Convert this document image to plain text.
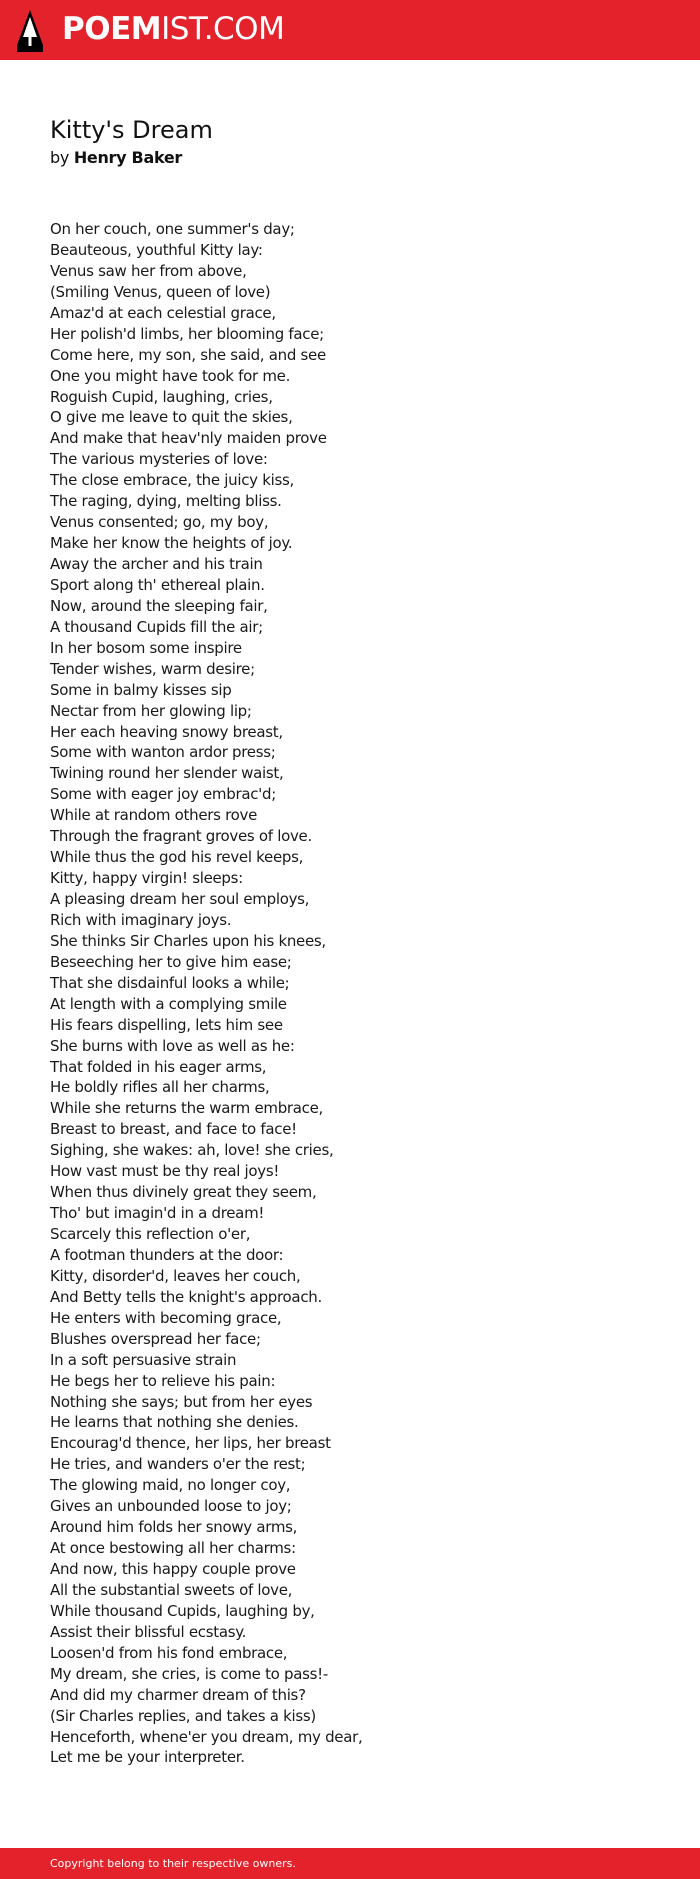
POEMIST.COM
Kitty's Dream
by Henry Baker
On her couch, one summer's day;
Beauteous, youthful Kitty lay:
Venus saw her from above,
(Smiling Venus, queen of love)
Amaz'd at each celestial grace,
Her polish'd limbs, her blooming face;
Come here, my son, she said, and see
One you might have took for me.
Roguish Cupid, laughing, cries,
O give me leave to quit the skies,
And make that heav'nly maiden prove
The various mysteries of love:
The close embrace, the juicy kiss,
The raging, dying, melting bliss.
Venus consented; go, my boy,
Make her know the heights of joy.
Away the archer and his train
Sport along th' ethereal plain.
Now, around the sleeping fair,
A thousand Cupids fill the air;
In her bosom some inspire
Tender wishes, warm desire;
Some in balmy kisses sip
Nectar from her glowing lip;
Her each heaving snowy breast,
Some with wanton ardor press;
Twining round her slender waist,
Some with eager joy embrac'd;
While at random others rove
Through the fragrant groves of love.
While thus the god his revel keeps,
Kitty, happy virgin! sleeps:
A pleasing dream her soul employs,
Rich with imaginary joys.
She thinks Sir Charles upon his knees,
Beseeching her to give him ease;
That she disdainful looks a while;
At length with a complying smile
His fears dispelling, lets him see
She burns with love as well as he:
That folded in his eager arms,
He boldly rifles all her charms,
While she returns the warm embrace,
Breast to breast, and face to face!
Sighing, she wakes: ah, love! she cries,
How vast must be thy real joys!
When thus divinely great they seem,
Tho' but imagin'd in a dream!
Scarcely this reflection o'er,
A footman thunders at the door:
Kitty, disorder'd, leaves her couch,
And Betty tells the knight's approach.
He enters with becoming grace,
Blushes overspread her face;
In a soft persuasive strain
He begs her to relieve his pain:
Nothing she says; but from her eyes
He learns that nothing she denies.
Encourag'd thence, her lips, her breast
He tries, and wanders o'er the rest;
The glowing maid, no longer coy,
Gives an unbounded loose to joy;
Around him folds her snowy arms,
At once bestowing all her charms:
And now, this happy couple prove
All the substantial sweets of love,
While thousand Cupids, laughing by,
Assist their blissful ecstasy.
Loosen'd from his fond embrace,
My dream, she cries, is come to pass!-
And did my charmer dream of this?
(Sir Charles replies, and takes a kiss)
Henceforth, whene'er you dream, my dear,
Let me be your interpreter.
Copyright belong to their respective owners.
